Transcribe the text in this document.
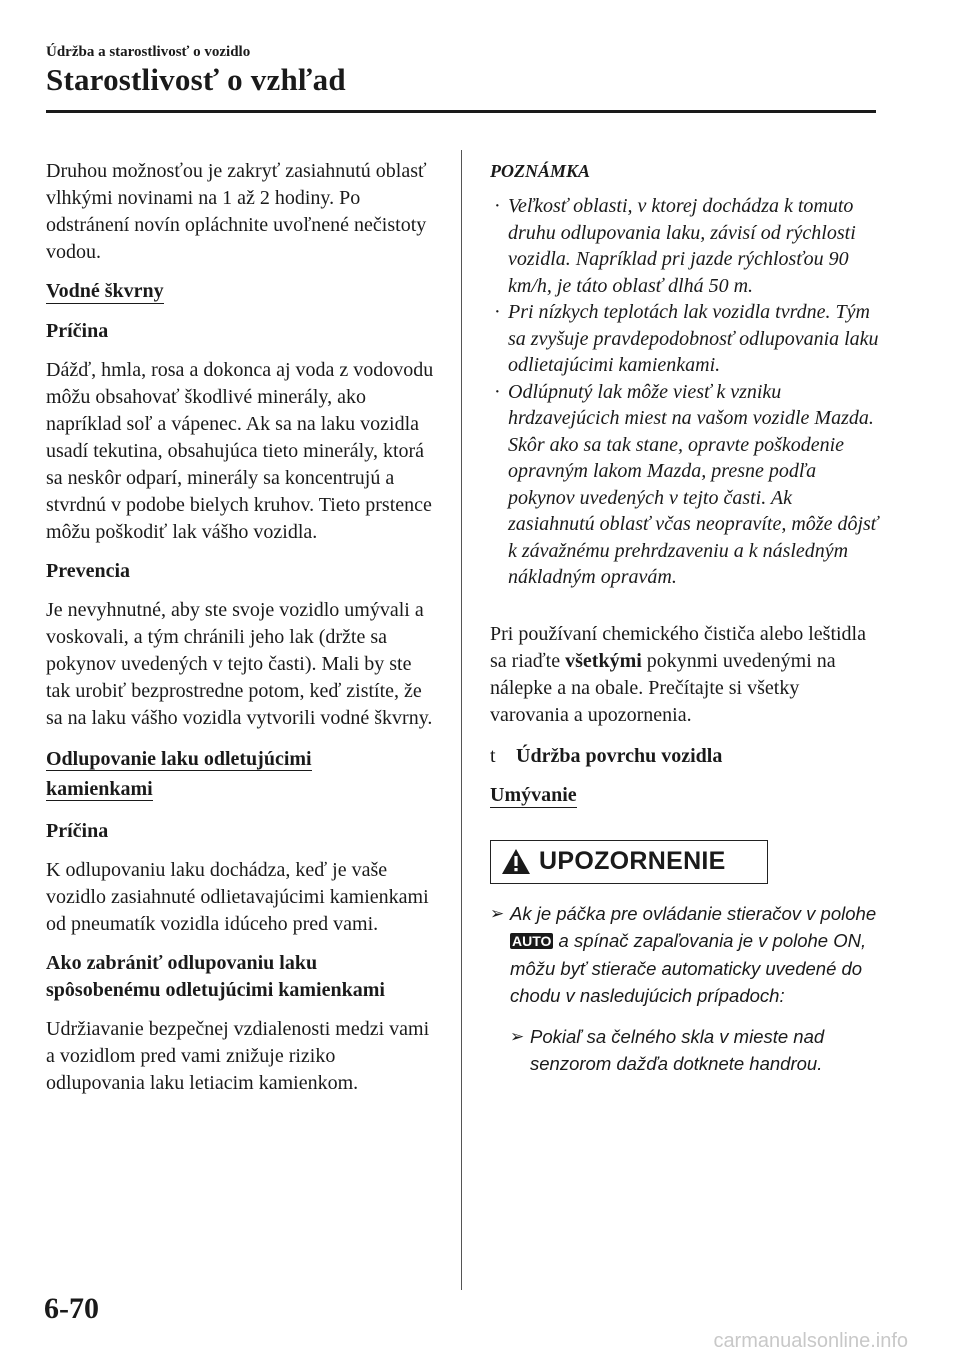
Údržba a starostlivosť o vozidlo
Starostlivosť o vzhľad

Druhou možnosťou je zakryť zasiahnutú oblasť vlhkými novinami na 1 až 2 hodiny. Po odstránení novín opláchnite uvoľnené nečistoty vodou.

Vodné škvrny
Príčina

Dážď, hmla, rosa a dokonca aj voda z vodovodu môžu obsahovať škodlivé minerály, ako napríklad soľ a vápenec. Ak sa na laku vozidla usadí tekutina, obsahujúca tieto minerály, ktorá sa neskôr odparí, minerály sa koncentrujú a stvrdnú v podobe bielych kruhov. Tieto prstence môžu poškodiť lak vášho vozidla.

Prevencia

Je nevyhnutné, aby ste svoje vozidlo umývali a voskovali, a tým chránili jeho lak (držte sa pokynov uvedených v tejto časti). Mali by ste tak urobiť bezprostredne potom, keď zistíte, že sa na laku vášho vozidla vytvorili vodné škvrny.

Odlupovanie laku odletujúcimi
kamienkami
Príčina

K odlupovaniu laku dochádza, keď je vaše vozidlo zasiahnuté odlietavajúcimi kamienkami od pneumatík vozidla idúceho pred vami.

Ako zabrániť odlupovaniu laku spôsobenému odletujúcimi kamienkami

Udržiavanie bezpečnej vzdialenosti medzi vami a vozidlom pred vami znižuje riziko odlupovania laku letiacim kamienkom.

POZNÁMKA
· Veľkosť oblasti, v ktorej dochádza k tomuto druhu odlupovania laku, závisí od rýchlosti vozidla. Napríklad pri jazde rýchlosťou 90 km/h, je táto oblasť dlhá 50 m.
· Pri nízkych teplotách lak vozidla tvrdne. Tým sa zvyšuje pravdepodobnosť odlupovania laku odlietajúcimi kamienkami.
· Odlúpnutý lak môže viesť k vzniku hrdzavejúcich miest na vašom vozidle Mazda. Skôr ako sa tak stane, opravte poškodenie opravným lakom Mazda, presne podľa pokynov uvedených v tejto časti. Ak zasiahnutú oblasť včas neopravíte, môže dôjsť k závažnému prehrdzaveniu a k následným nákladným opravám.

Pri používaní chemického čističa alebo leštidla sa riaďte všetkými pokynmi uvedenými na nálepke a na obale. Prečítajte si všetky varovania a upozornenia.

t Údržba povrchu vozidla
Umývanie
UPOZORNENIE
➢ Ak je páčka pre ovládanie stieračov v polohe AUTO a spínač zapaľovania je v polohe ON, môžu byť stierače automaticky uvedené do chodu v nasledujúcich prípadoch:
➢ Pokiaľ sa čelného skla v mieste nad senzorom dažďa dotknete handrou.
6-70
carmanualsonline.info
